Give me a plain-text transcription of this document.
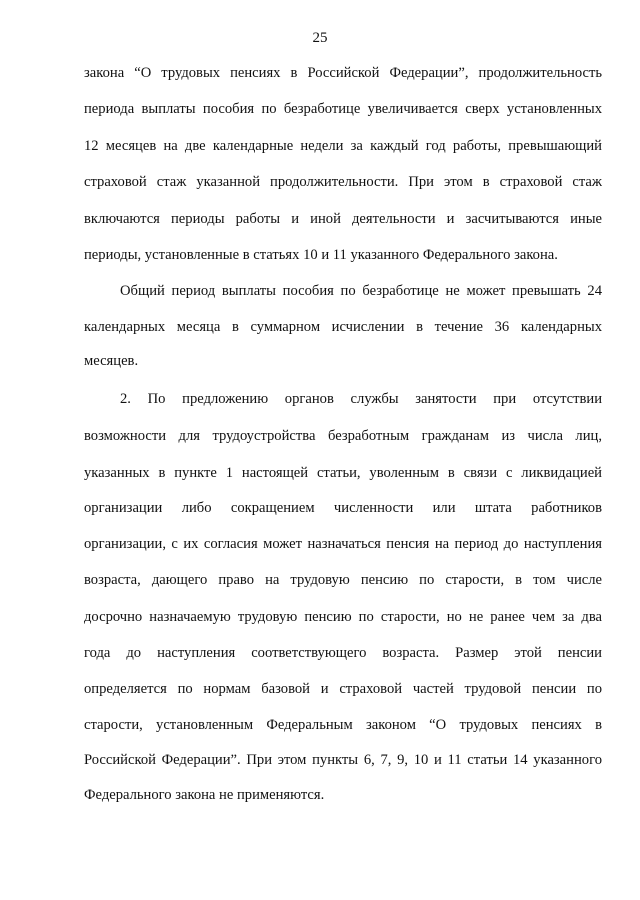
25
закона “О трудовых пенсиях в Российской Федерации”, продолжительность
периода выплаты пособия по безработице увеличивается сверх установленных
12 месяцев на две календарные недели за каждый год работы, превышающий
страховой стаж указанной продолжительности. При этом в страховой стаж
включаются периоды работы и иной деятельности и засчитываются иные
периоды, установленные в статьях 10 и 11 указанного Федерального закона.
Общий период выплаты пособия по безработице не может превышать 24
календарных месяца в суммарном исчислении в течение 36 календарных
месяцев.
2. По предложению органов службы занятости при отсутствии
возможности для трудоустройства безработным гражданам из числа лиц,
указанных в пункте 1 настоящей статьи, уволенным в связи с ликвидацией
организации либо сокращением численности или штата работников
организации, с их согласия может назначаться пенсия на период до наступления
возраста, дающего право на трудовую пенсию по старости, в том числе
досрочно назначаемую трудовую пенсию по старости, но не ранее чем за два
года до наступления соответствующего возраста. Размер этой пенсии
определяется по нормам базовой и страховой частей трудовой пенсии по
старости, установленным Федеральным законом “О трудовых пенсиях в
Российской Федерации”. При этом пункты 6, 7, 9, 10 и 11 статьи 14 указанного
Федерального закона не применяются.
